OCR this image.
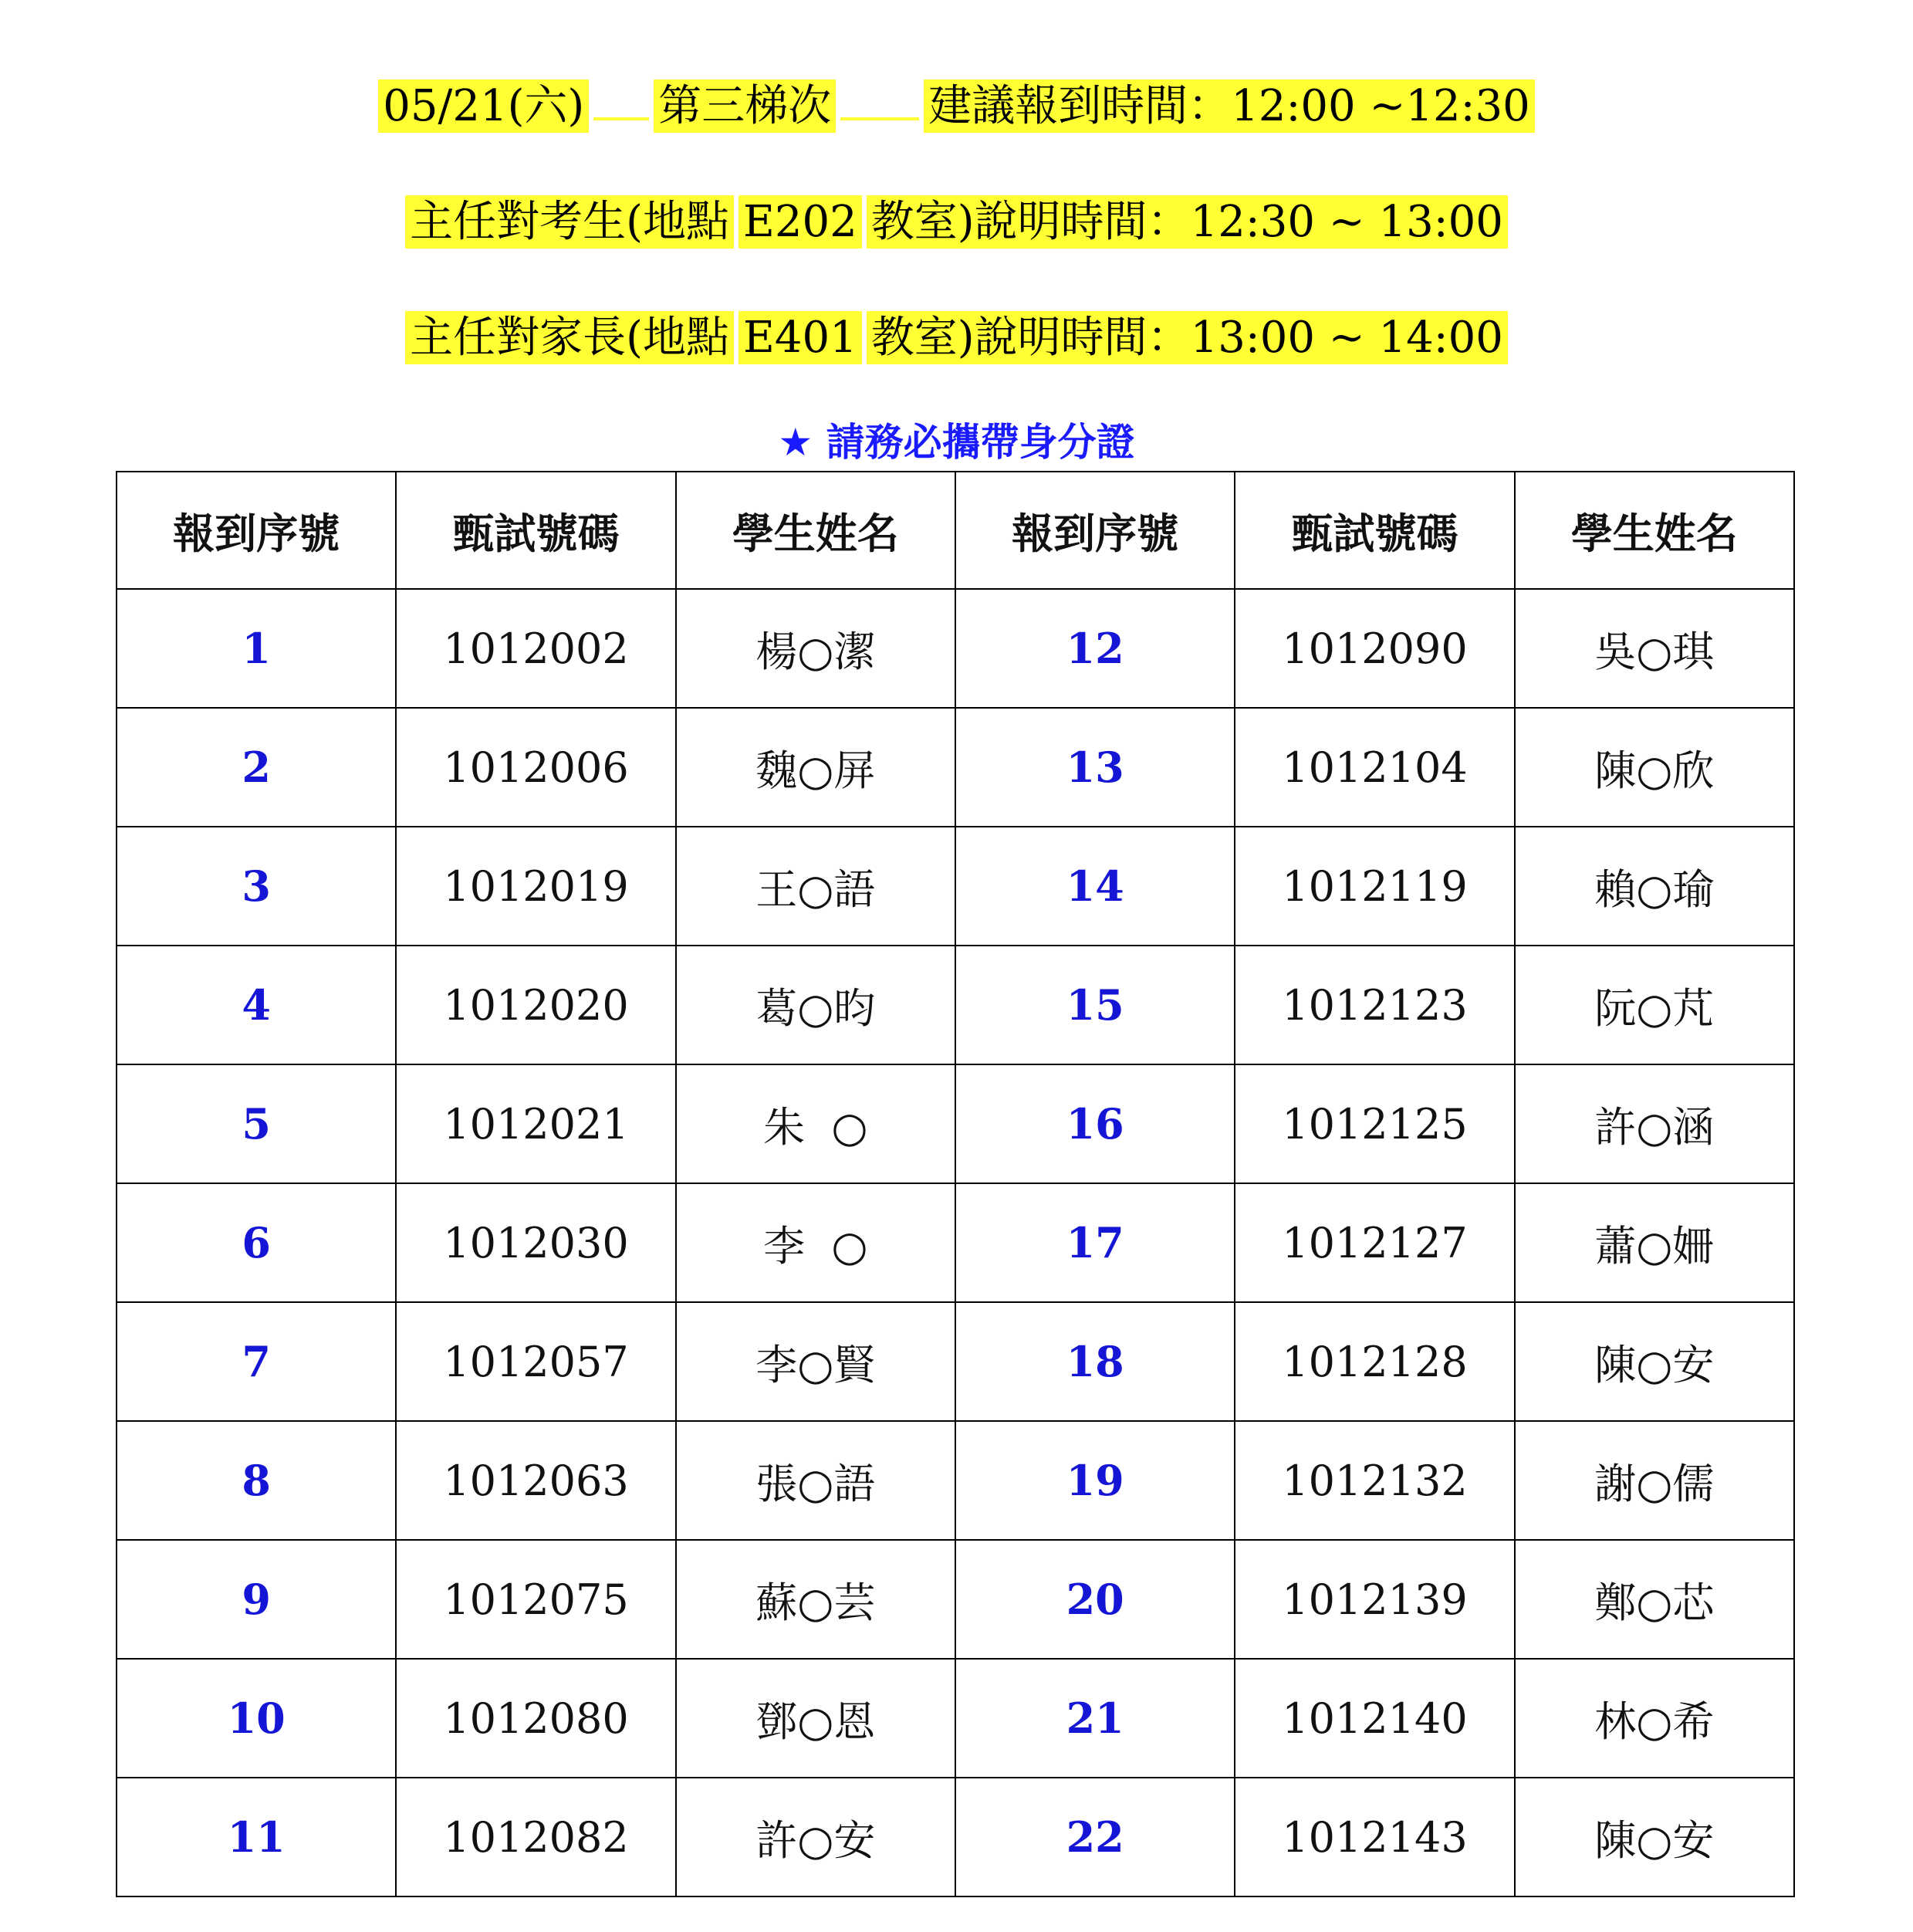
05/21(六) 第三梯次 建議報到時間：12:00 ~12:30
主任對考生(地點 E202 教室)說明時間：12:30 ~ 13:00
主任對家長(地點 E401 教室)說明時間：13:00 ~ 14:00
★ 請務必攜帶身分證
報到序號	甄試號碼	學生姓名	報到序號	甄試號碼	學生姓名
1	1012002	楊○潔	12	1012090	吳○琪
2	1012006	魏○屏	13	1012104	陳○欣
3	1012019	王○語	14	1012119	賴○瑜
4	1012020	葛○昀	15	1012123	阮○芃
5	1012021	朱  ○	16	1012125	許○涵
6	1012030	李  ○	17	1012127	蕭○姍
7	1012057	李○賢	18	1012128	陳○安
8	1012063	張○語	19	1012132	謝○儒
9	1012075	蘇○芸	20	1012139	鄭○芯
10	1012080	鄧○恩	21	1012140	林○希
11	1012082	許○安	22	1012143	陳○安
